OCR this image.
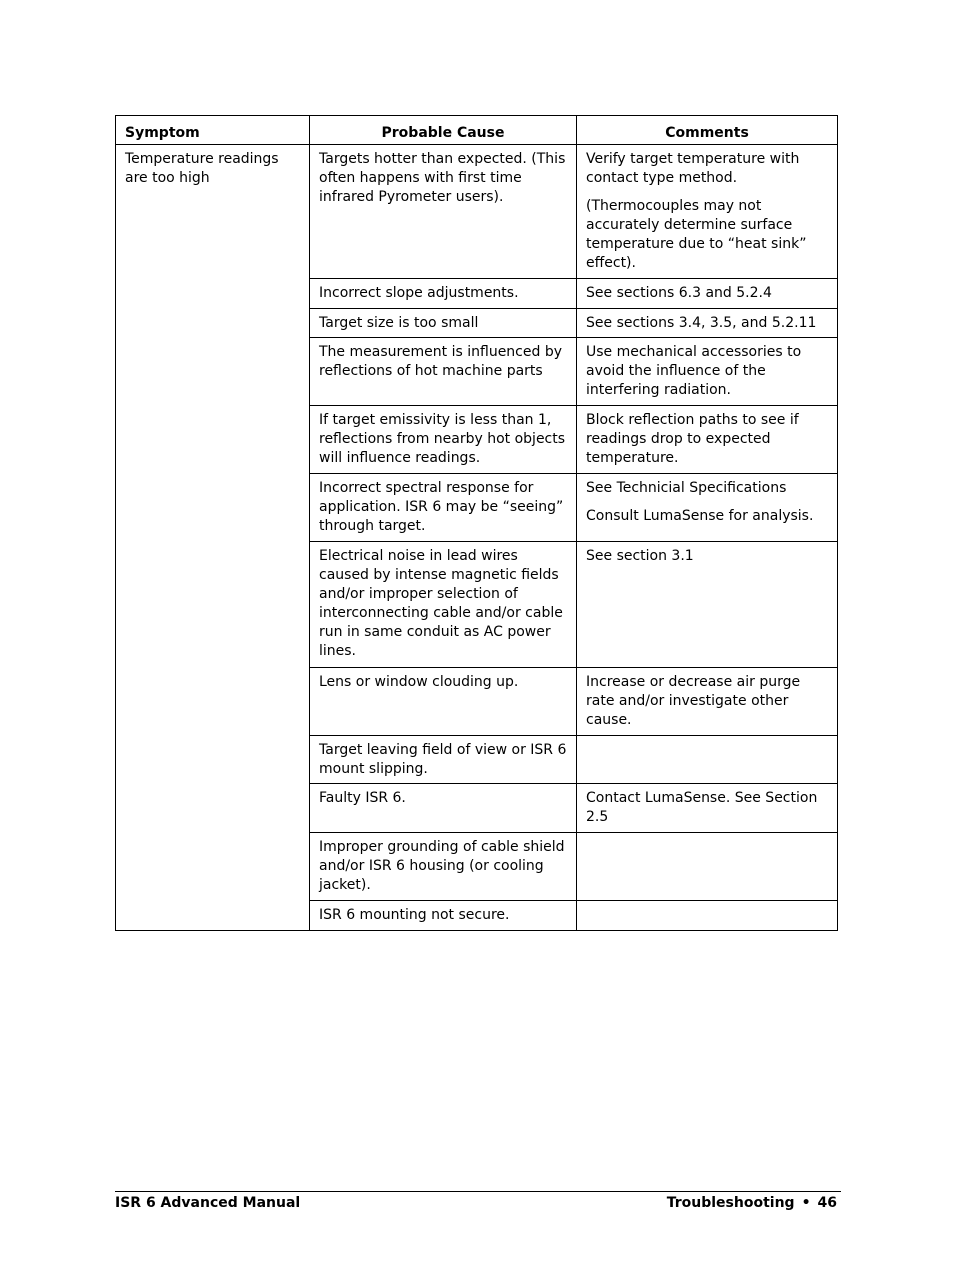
Symptom	Probable Cause	Comments
Temperature readings are too high	Targets hotter than expected. (This often happens with first time infrared Pyrometer users).	Verify target temperature with contact type method.

(Thermocouples may not accurately determine surface temperature due to “heat sink” effect).

	Incorrect slope adjustments.	See sections 6.3 and 5.2.4
	Target size is too small	See sections 3.4, 3.5, and 5.2.11
	The measurement is influenced by reflections of hot machine parts	Use mechanical accessories to avoid the influence of the interfering radiation.
	If target emissivity is less than 1, reflections from nearby hot objects will influence readings.	Block reflection paths to see if readings drop to expected temperature.
	Incorrect spectral response for application. ISR 6 may be “seeing” through target.	See Technicial Specifications

Consult LumaSense for analysis.

	Electrical noise in lead wires caused by intense magnetic fields and/or improper selection of interconnecting cable and/or cable run in same conduit as AC power lines.	See section 3.1
	Lens or window clouding up.	Increase or decrease air purge rate and/or investigate other cause.
	Target leaving field of view or ISR 6 mount slipping.	
	Faulty ISR 6.	Contact LumaSense. See Section 2.5
	Improper grounding of cable shield and/or ISR 6 housing (or cooling jacket).	
	ISR 6 mounting not secure.	
ISR 6 Advanced Manual	Troubleshooting • 46
